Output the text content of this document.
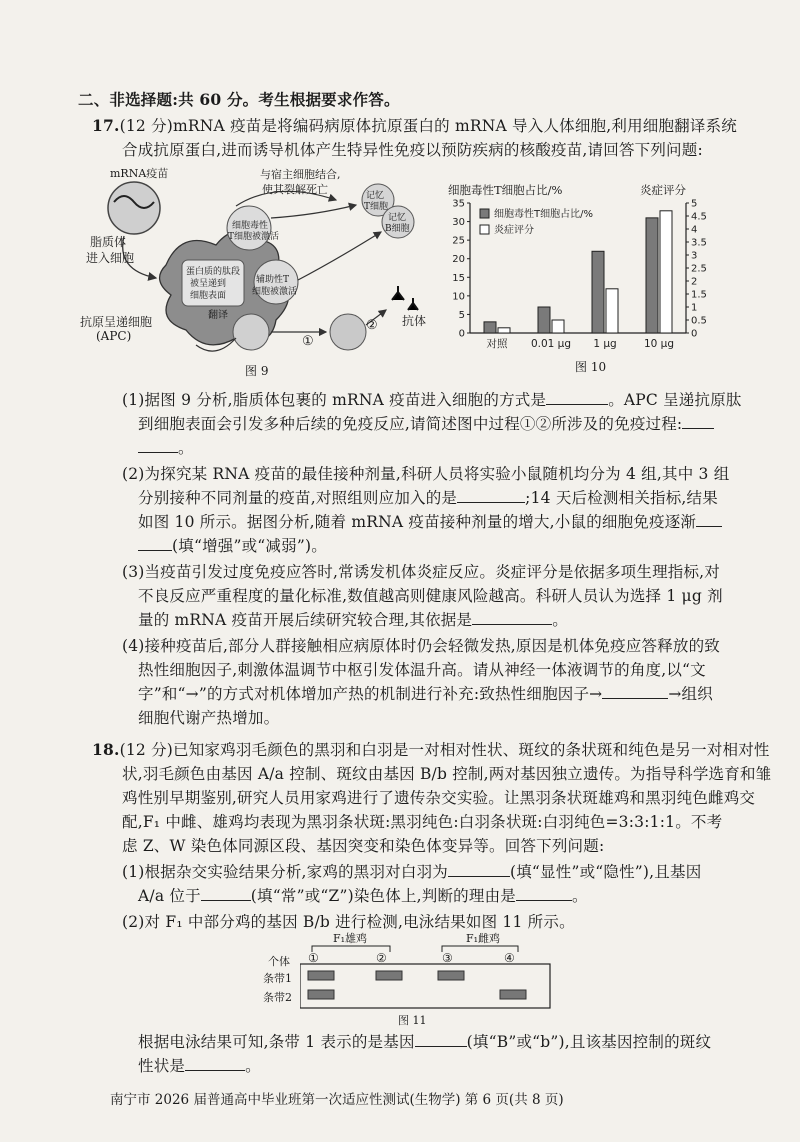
二、非选择题:共 60 分。考生根据要求作答。
17.(12 分)mRNA 疫苗是将编码病原体抗原蛋白的 mRNA 导入人体细胞,利用细胞翻译系统
合成抗原蛋白,进而诱导机体产生特异性免疫以预防疾病的核酸疫苗,请回答下列问题:
mRNA疫苗
脂质体
进入细胞
抗原呈递细胞
(APC)
与宿主细胞结合,
使其裂解死亡	记忆
T细胞
记忆
B细胞
细胞毒性
T细胞被激活
蛋白质的肽段
被呈递到
细胞表面
辅助性T
细胞被激活
翻译	抗体
①
②
图 9
细胞毒性T细胞占比/%	炎症评分
0
5
10
15
20
25
30
35
0
0.5
1
1.5
2
2.5
3
3.5
4
4.5
5
对照 0.01 μg 1 μg	10 μg
细胞毒性T细胞占比/%
炎症评分
图 10
(1)据图 9 分析,脂质体包裹的 mRNA 疫苗进入细胞的方式是	。APC 呈递抗原肽
到细胞表面会引发多种后续的免疫反应,请简述图中过程①②所涉及的免疫过程:
。
(2)为探究某 RNA 疫苗的最佳接种剂量,科研人员将实验小鼠随机均分为 4 组,其中 3 组
分别接种不同剂量的疫苗,对照组则应加入的是	;14 天后检测相关指标,结果
如图 10 所示。据图分析,随着 mRNA 疫苗接种剂量的增大,小鼠的细胞免疫逐渐
(填“增强”或“减弱”)。
(3)当疫苗引发过度免疫应答时,常诱发机体炎症反应。炎症评分是依据多项生理指标,对
不良反应严重程度的量化标准,数值越高则健康风险越高。科研人员认为选择 1 μg 剂
量的 mRNA 疫苗开展后续研究较合理,其依据是	。
(4)接种疫苗后,部分人群接触相应病原体时仍会轻微发热,原因是机体免疫应答释放的致
热性细胞因子,刺激体温调节中枢引发体温升高。请从神经一体液调节的角度,以“文
字”和“→”的方式对机体增加产热的机制进行补充:致热性细胞因子→	→组织
细胞代谢产热增加。
18.(12 分)已知家鸡羽毛颜色的黑羽和白羽是一对相对性状、斑纹的条状斑和纯色是另一对相对性
状,羽毛颜色由基因 A/a 控制、斑纹由基因 B/b 控制,两对基因独立遗传。为指导科学选育和雏
鸡性别早期鉴别,研究人员用家鸡进行了遗传杂交实验。让黑羽条状斑雄鸡和黑羽纯色雌鸡交
配,F₁ 中雌、雄鸡均表现为黑羽条状斑:黑羽纯色:白羽条状斑:白羽纯色=3:3:1:1。不考
虑 Z、W 染色体同源区段、基因突变和染色体变异等。回答下列问题:
(1)根据杂交实验结果分析,家鸡的黑羽对白羽为	(填“显性”或“隐性”),且基因
A/a 位于	(填“常”或“Z”)染色体上,判断的理由是	。
(2)对 F₁ 中部分鸡的基因 B/b 进行检测,电泳结果如图 11 所示。
F₁雄鸡	F₁雌鸡
个体 ①	②	③	④
条带1
条带2
图 11
根据电泳结果可知,条带 1 表示的是基因	(填“B”或“b”),且该基因控制的斑纹
性状是	。
南宁市 2026 届普通高中毕业班第一次适应性测试(生物学) 第 6 页(共 8 页)
